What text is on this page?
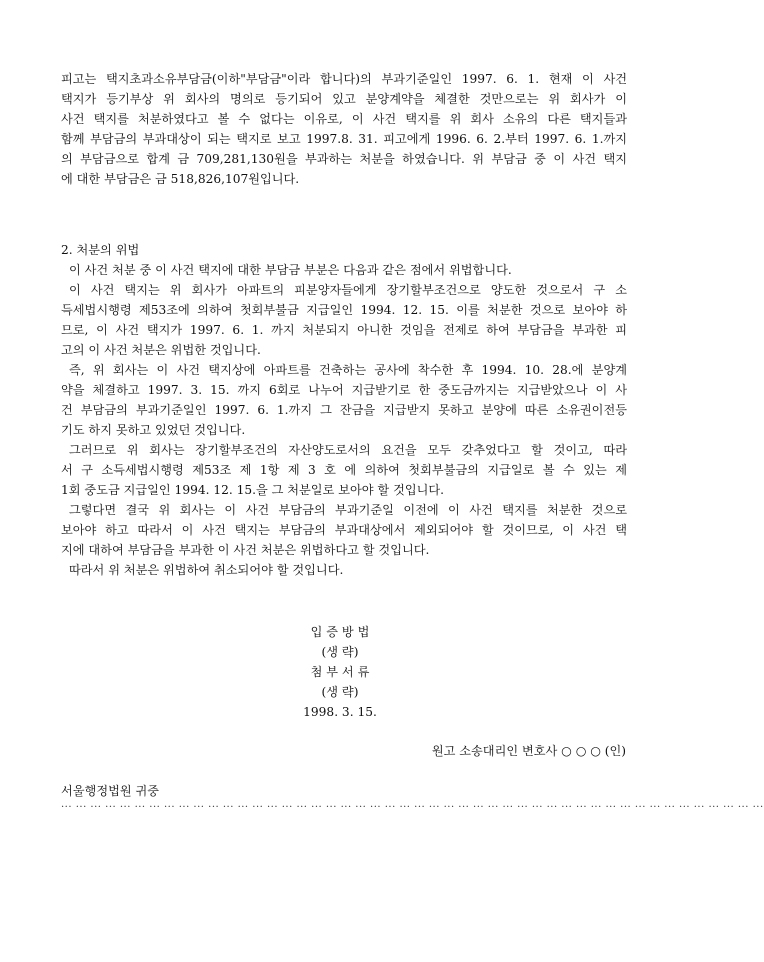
피고는 택지초과소유부담금(이하"부담금"이라 합니다)의 부과기준일인 1997. 6. 1. 현재 이 사건
택지가 등기부상 위 회사의 명의로 등기되어 있고 분양계약을 체결한 것만으로는 위 회사가 이
사건 택지를 처분하였다고 볼 수 없다는 이유로, 이 사건 택지를 위 회사 소유의 다른 택지들과
함께 부담금의 부과대상이 되는 택지로 보고 1997.8. 31. 피고에게 1996. 6. 2.부터 1997. 6. 1.까지
의 부담금으로 합계 금 709,281,130원을 부과하는 처분을 하였습니다. 위 부담금 중 이 사건 택지
에 대한 부담금은 금 518,826,107원입니다.

2. 처분의 위법

이 사건 처분 중 이 사건 택지에 대한 부담금 부분은 다음과 같은 점에서 위법합니다.
이 사건 택지는 위 회사가 아파트의 피분양자들에게 장기할부조건으로 양도한 것으로서 구 소
득세법시행령 제53조에 의하여 첫회부불금 지급일인 1994. 12. 15. 이를 처분한 것으로 보아야 하
므로, 이 사건 택지가 1997. 6. 1. 까지 처분되지 아니한 것임을 전제로 하여 부담금을 부과한 피
고의 이 사건 처분은 위법한 것입니다.
즉, 위 회사는 이 사건 택지상에 아파트를 건축하는 공사에 착수한 후 1994. 10. 28.에 분양계
약을 체결하고 1997. 3. 15. 까지 6회로 나누어 지급받기로 한 중도금까지는 지급받았으나 이 사
건 부담금의 부과기준일인 1997. 6. 1.까지 그 잔금을 지급받지 못하고 분양에 따른 소유권이전등
기도 하지 못하고 있었던 것입니다.
그러므로 위 회사는 장기할부조건의 자산양도로서의 요건을 모두 갖추었다고 할 것이고, 따라
서 구 소득세법시행령 제53조 제 1항 제 3 호 에 의하여 첫회부불금의 지급일로 볼 수 있는 제
1회 중도금 지급일인 1994. 12. 15.을 그 처분일로 보아야 할 것입니다.
그렇다면 결국 위 회사는 이 사건 부담금의 부과기준일 이전에 이 사건 택지를 처분한 것으로
보아야 하고 따라서 이 사건 택지는 부담금의 부과대상에서 제외되어야 할 것이므로, 이 사건 택
지에 대하여 부담금을 부과한 이 사건 처분은 위법하다고 할 것입니다.
따라서 위 처분은 위법하여 취소되어야 할 것입니다.

입 증 방 법

(생 략)

첨 부 서 류

(생 략)

1998. 3. 15.

원고 소송대리인 변호사 ○ ○ ○ (인)

서울행정법원 귀중

... ... ... ... ... ... ... ... ... ... ... ... ... ... ... ... ... ... ... ... ... ... ... ... ... ... ... ... ... ... ... ... ... ... ... ... ... ... ... ... ... ... ... ... ... ... ... ...
